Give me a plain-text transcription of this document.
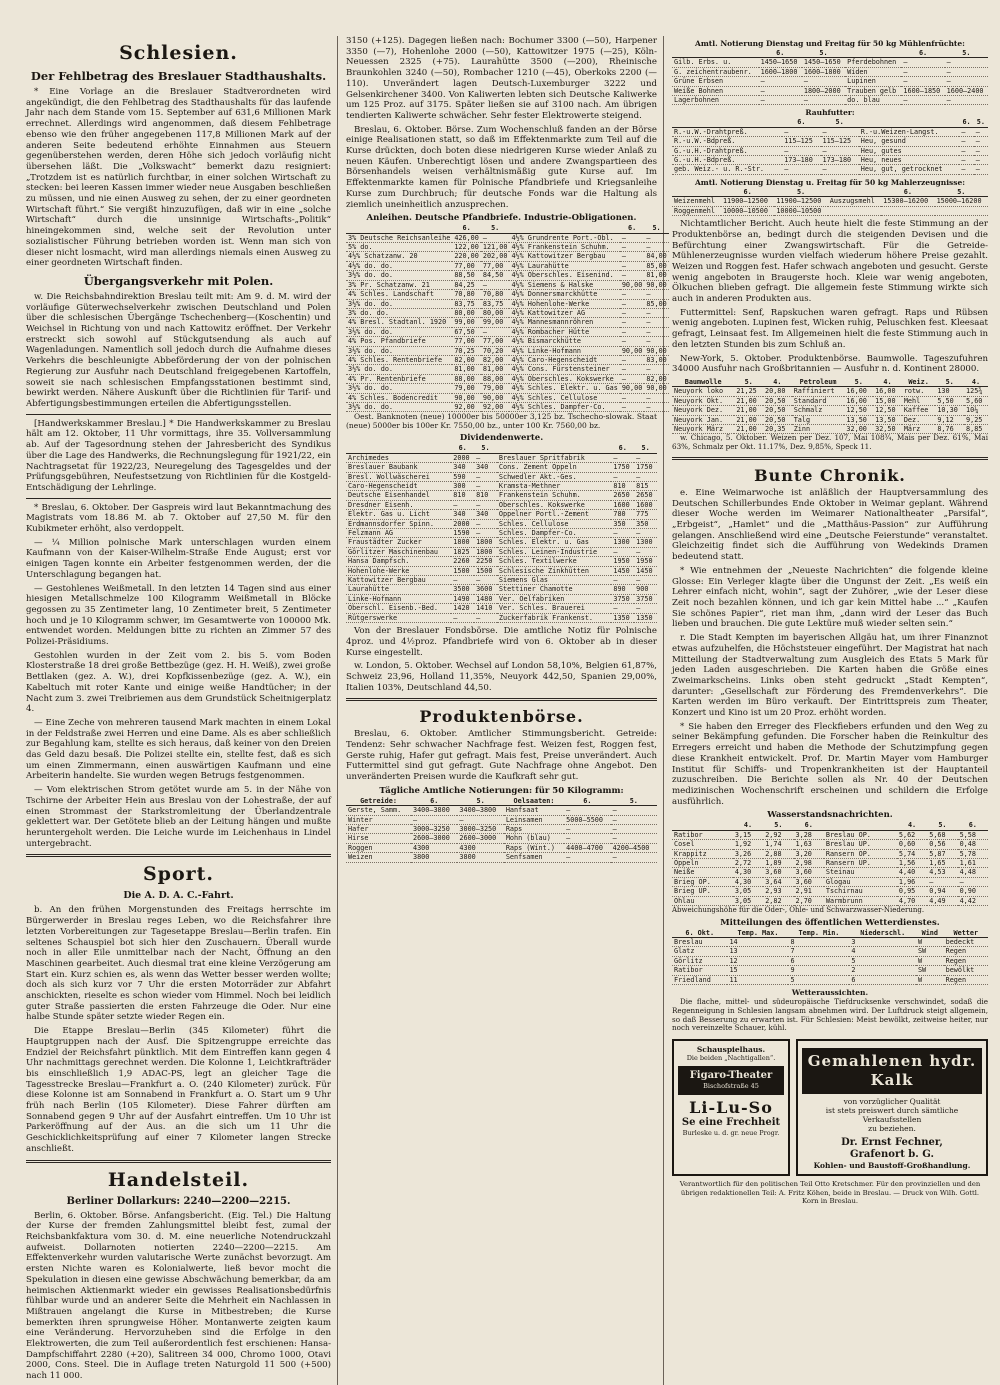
Schlesien.
Der Fehlbetrag des Breslauer Stadthaushalts.

* Eine Vorlage an die Breslauer Stadtverordneten wird angekündigt, die den Fehlbetrag des Stadthaushalts für das laufende Jahr nach dem Stande vom 15. September auf 631,6 Millionen Mark errechnet. Allerdings wird angenommen, daß diesem Fehlbetrage ebenso wie den früher angegebenen 117,8 Millionen Mark auf der anderen Seite bedeutend erhöhte Einnahmen aus Steuern gegenüberstehen werden, deren Höhe sich jedoch vorläufig nicht übersehen läßt. Die „Volkswacht“ bemerkt dazu resigniert: „Trotzdem ist es natürlich furchtbar, in einer solchen Wirtschaft zu stecken: bei leeren Kassen immer wieder neue Ausgaben beschließen zu müssen, und nie einen Ausweg zu sehen, der zu einer geordneten Wirtschaft führt.“ Sie vergißt hinzuzufügen, daß wir in eine „solche Wirtschaft“ durch die unsinnige Wirtschafts-„Politik“ hineingekommen sind, welche seit der Revolution unter sozialistischer Führung betrieben worden ist. Wenn man sich von dieser nicht losmacht, wird man allerdings niemals einen Ausweg zu einer geordneten Wirtschaft finden.

Übergangsverkehr mit Polen.

w. Die Reichsbahndirektion Breslau teilt mit: Am 9. d. M. wird der vorläufige Güterwechselverkehr zwischen Deutschland und Polen über die schlesischen Übergänge Tschechenberg—(Koschentin) und Weichsel in Richtung von und nach Kattowitz eröffnet. Der Verkehr erstreckt sich sowohl auf Stückgutsendung als auch auf Wagenladungen. Namentlich soll jedoch durch die Aufnahme dieses Verkehrs die beschleunigte Abbeförderung der von der polnischen Regierung zur Ausfuhr nach Deutschland freigegebenen Kartoffeln, soweit sie nach schlesischen Empfangsstationen bestimmt sind, bewirkt werden. Nähere Auskunft über die Richtlinien für Tarif- und Abfertigungsbestimmungen erteilen die Abfertigungsstellen.

[Handwerkskammer Breslau.] * Die Handwerkskammer zu Breslau hält am 12. Oktober, 11 Uhr vormittags, ihre 35. Vollversammlung ab. Auf der Tagesordnung stehen der Jahresbericht des Syndikus über die Lage des Handwerks, die Rechnungslegung für 1921/22, ein Nachtragsetat für 1922/23, Neuregelung des Tagesgeldes und der Prüfungsgebühren, Neufestsetzung von Richtlinien für die Kostgeld-Entschädigung der Lehrlinge.

* Breslau, 6. Oktober. Der Gaspreis wird laut Bekanntmachung des Magistrats vom 18.86 M. ab 7. Oktober auf 27,50 M. für den Kubikmeter erhöht, also verdoppelt.

— ¼ Million polnische Mark unterschlagen wurden einem Kaufmann von der Kaiser-Wilhelm-Straße Ende August; erst vor einigen Tagen konnte ein Arbeiter festgenommen werden, der die Unterschlagung begangen hat.

— Gestohlenes Weißmetall. In den letzten 14 Tagen sind aus einer hiesigen Metallschmelze 100 Kilogramm Weißmetall in Blöcke gegossen zu 35 Zentimeter lang, 10 Zentimeter breit, 5 Zentimeter hoch und je 10 Kilogramm schwer, im Gesamtwerte von 100000 Mk. entwendet worden. Meldungen bitte zu richten an Zimmer 57 des Polizei-Präsidiums.

Gestohlen wurden in der Zeit vom 2. bis 5. vom Boden Klosterstraße 18 drei große Bettbezüge (gez. H. H. Weiß), zwei große Bettlaken (gez. A. W.), drei Kopfkissenbezüge (gez. A. W.), ein Kabeltuch mit roter Kante und einige weiße Handtücher; in der Nacht zum 3. zwei Treibriemen aus dem Grundstück Scheitnigerplatz 4.

— Eine Zeche von mehreren tausend Mark machten in einem Lokal in der Feldstraße zwei Herren und eine Dame. Als es aber schließlich zur Begahlung kam, stellte es sich heraus, daß keiner von den Dreien das Geld dazu besaß. Die Polizei stellte ein, stellte fest, daß es sich um einen Zimmermann, einen auswärtigen Kaufmann und eine Arbeiterin handelte. Sie wurden wegen Betrugs festgenommen.

— Vom elektrischen Strom getötet wurde am 5. in der Nähe von Tschirne der Arbeiter Hein aus Breslau von der Lohestraße, der auf einen Strommast der Starkstromleitung der Überlandzentrale geklettert war. Der Getötete blieb an der Leitung hängen und mußte heruntergeholt werden. Die Leiche wurde im Leichenhaus in Lindel untergebracht.

Sport.
Die A. D. A. C.-Fahrt.

b. An den frühen Morgenstunden des Freitags herrschte im Bürgerwerder in Breslau reges Leben, wo die Reichsfahrer ihre letzten Vorbereitungen zur Tagesetappe Breslau—Berlin trafen. Ein seltenes Schauspiel bot sich hier den Zuschauern. Überall wurde noch in aller Eile unmittelbar nach der Nacht, Öffnung an den Maschinen gearbeitet. Auch diesmal trat eine kleine Verzögerung am Start ein. Kurz schien es, als wenn das Wetter besser werden wollte; doch als sich kurz vor 7 Uhr die ersten Motorräder zur Abfahrt anschickten, rieselte es schon wieder vom Himmel. Noch bei leidlich guter Straße passierten die ersten Fahrzeuge die Oder. Nur eine halbe Stunde später setzte wieder Regen ein.

Die Etappe Breslau—Berlin (345 Kilometer) führt die Hauptgruppen nach der Ausf. Die Spitzengruppe erreichte das Endziel der Reichsfahrt pünktlich. Mit dem Eintreffen kann gegen 4 Uhr nachmittags gerechnet werden. Die Kolonne 1, Leichtkrafträder bis einschließlich 1,9 ADAC-PS, legt an gleicher Tage die Tagesstrecke Breslau—Frankfurt a. O. (240 Kilometer) zurück. Für diese Kolonne ist am Sonnabend in Frankfurt a. O. Start um 9 Uhr früh nach Berlin (105 Kilometer). Diese Fahrer dürften am Sonnabend gegen 9 Uhr auf der Ausfahrt eintreffen. Um 10 Uhr ist Parkeröffnung auf der Aus. an die sich um 11 Uhr die Geschicklichkeitsprüfung auf einer 7 Kilometer langen Strecke anschließt.

Handelsteil.
Berliner Dollarkurs: 2240—2200—2215.

Berlin, 6. Oktober. Börse. Anfangsbericht. (Eig. Tel.) Die Haltung der Kurse der fremden Zahlungsmittel bleibt fest, zumal der Reichsbankfaktura vom 30. d. M. eine neuerliche Notendruckzahl aufweist. Dollarnoten notierten 2240—2200—2215. Am Effektenverkehr wurden valutarische Werte zunächst bevorzugt. Am ersten Nichte waren es Kolonialwerte, ließ bevor mocht die Spekulation in diesen eine gewisse Abschwächung bemerkbar, da am heimischen Aktienmarkt wieder ein gewisses Realisationsbedürfnis fühlbar wurde und an anderer Seite die Mehrheit ein Nachlassen in Mißtrauen angelangt die Kurse in Mitbestreben; die Kurse bemerkten ihren sprungweise Höher. Montanwerte zeigten kaum eine Veränderung. Hervorzuheben sind die Erfolge in den Elektrowerten, die zum Teil außerordentlich fest erschienen: Hansa-Dampfschiffahrt 2280 (+20), Salitreen 34 000, Chromo 1000, Otavi 2000, Cons. Steel. Die in Auflage treten Naturgold 11 500 (+500) nach 11 000.

3150 (+125). Dagegen ließen nach: Bochumer 3300 (—50), Harpener 3350 (—7), Hohenlohe 2000 (—50), Kattowitzer 1975 (—25), Köln-Neuessen 2325 (+75). Laurahütte 3500 (—200), Rheinische Braunkohlen 3240 (—50), Rombacher 1210 (—45), Oberkoks 2200 (—110). Unverändert lagen Deutsch-Luxemburger 3222 und Gelsenkirchener 3400. Von Kaliwerten lebten sich Deutsche Kaliwerke um 125 Proz. auf 3175. Später ließen sie auf 3100 nach. Am übrigen tendierten Kaliwerte schwächer. Sehr fester Elektrowerte steigend.

Breslau, 6. Oktober. Börse. Zum Wochenschluß fanden an der Börse einige Realisationen statt, so daß im Effektenmarkte zum Teil auf die Kurse drückten, doch boten diese niedrigeren Kurse wieder Anlaß zu neuen Käufen. Unberechtigt lösen und andere Zwangspartieen des Börsenhandels weisen verhältnismäßig gute Kurse auf. Im Effektenmarkte kamen für Polnische Pfandbriefe und Kriegsanleihe Kurse zum Durchbruch; für deutsche Fonds war die Haltung als ziemlich uneinheitlich anzusprechen.

Anleihen. Deutsche Pfandbriefe. Industrie-Obligationen.
	6.	5.		6.	5.
3% Deutsche Reichsanleihe	426,00	—	4½% Grundrente Port.-Obl.	—	—
5% do.	122,00	121,00	4½% Frankenstein Schuhm.	—	—
4½% Schatzanw. 20	220,00	202,00	4½% Kattowitzer Bergbau	—	84,00
4½% do. do.	77,00	77,00	4½% Laurahütte	—	85,00
3½% do. do.	88,50	84,50	4½% Oberschles. Eisenind.	—	81,00
3% Pr. Schatzanw. 21	84,25	—	4½% Siemens & Halske	90,00	90,00
4% Schles. Landschaft	70,80	70,80	4½% Donnersmarckhütte	—	—
3½% do. do.	83,75	83,75	4½% Hohenlohe-Werke	—	85,00
3% do. do.	80,00	80,00	4½% Kattowitzer AG	—	—
4% Bresl. Stadtanl. 1920	99,00	99,00	4½% Mannesmannröhren	—	—
3½% do. do.	67,50	—	4½% Rombacher Hütte	—	—
4% Pos. Pfandbriefe	77,00	77,00	4½% Bismarckhütte	—	—
3½% do. do.	70,25	70,20	4½% Linke-Hofmann	90,00	90,00
4% Schles. Rentenbriefe	82,00	82,00	4½% Caro-Hegenscheidt	—	83,00
3½% do. do.	81,00	81,00	4½% Cons. Fürstensteiner	—	—
4% Pr. Rentenbriefe	88,00	88,00	4½% Oberschles. Kokswerke	—	82,00
3½% do. do.	79,00	79,00	4½% Schles. Elektr. u. Gas	90,00	90,00
4% Schles. Bodencredit	90,00	90,00	4½% Schles. Cellulose	—	—
3½% do. do.	92,00	92,00	4½% Schles. Dampfer-Co.	—	—

Oest. Banknoten (neue) 10000er bis 50000er 3,125 bz. Tschecho-slowak. Staat (neue) 5000er bis 100er Kr. 7550,00 bz., unter 100 Kr. 7560,00 bz.

Dividendenwerte.
	6.	5.		6.	5.
Archimedes	2000	—	Breslauer Spritfabrik	—	—
Breslauer Baubank	340	340	Cons. Zement Oppeln	1750	1750
Bresl. Wollwäscherei	590	—	Schwedler Akt.-Ges.	—	—
Caro-Hegenscheidt	300	—	Kramsta-Methner	810	815
Deutsche Eisenhandel	810	810	Frankenstein Schuhm.	2650	2650
Dresdner Eisenh.	—	—	Oberschles. Kokswerke	1600	1600
Elektr. Gas u. Licht	340	340	Oppelner Portl.-Zement	780	775
Erdmannsdorfer Spinn.	2000	—	Schles. Cellulose	350	350
Felzmann AG	1590	—	Schles. Dampfer-Co.	—	—
Fraustädter Zucker	1800	1800	Schles. Elektr. u. Gas	1300	1300
Görlitzer Maschinenbau	1825	1800	Schles. Leinen-Industrie	—	—
Hansa Dampfsch.	2260	2250	Schles. Textilwerke	1950	1950
Hohenlohe-Werke	1500	1500	Schlesische Zinkhütten	1450	1450
Kattowitzer Bergbau	—	—	Siemens Glas	—	—
Laurahütte	3500	3600	Stettiner Chamotte	890	900
Linke-Hofmann	1490	1480	Ver. Oelfabriken	3750	3750
Oberschl. Eisenb.-Bed.	1420	1410	Ver. Schles. Brauerei	—	—
Rütgerswerke	—	—	Zuckerfabrik Frankenst.	1350	1350

Von der Breslauer Fondsbörse. Die amtliche Notiz für Polnische 4proz. und 4½proz. Pfandbriefe wird von 6. Oktober ab in dieser Kurse eingestellt.

w. London, 5. Oktober. Wechsel auf London 58,10%, Belgien 61,87%, Schweiz 23,96, Holland 11,35%, Neuyork 442,50, Spanien 29,00%, Italien 103%, Deutschland 44,50.

Produktenbörse.

Breslau, 6. Oktober. Amtlicher Stimmungsbericht. Getreide: Tendenz: Sehr schwacher Nachfrage fest. Weizen fest, Roggen fest, Gerste ruhig, Hafer gut gefragt. Mais fest, Preise unverändert. Auch Futtermittel sind gut gefragt. Gute Nachfrage ohne Angebot. Den unveränderten Preisen wurde die Kaufkraft sehr gut.

Tägliche Amtliche Notierungen: für 50 Kilogramm:
Getreide:	6.	5.	Oelsaaten:	6.	5.
Gerste, Samm.	3400—3800	3400—3800	Hanfsaat	—	—
Winter	—	—	Leinsamen	5000—5500	—
Hafer	3000—3250	3000—3250	Raps	—	—
Hirse	2600—3000	2600—3000	Mohn (blau)	—	—
Roggen	4300	4300	Raps (Wint.)	4400—4700	4200—4500
Weizen	3800	3800	Senfsamen	—	—
Amtl. Notierung Dienstag und Freitag für 50 kg Mühlenfrüchte:
	6.	5.		6.	5.
Gilb. Erbs. u.	1450—1650	1450—1650	Pferdebohnen	—	—
G. zeichentraubenr.	1600—1800	1600—1800	Widen	—	—
Grüne Erbsen	—	—	Lupinen	—	—
Weiße Bohnen	—	1800—2000	Trauben gelb	1600—1850	1600—2400
Lagerbohnen	—	—	do. blau	—	—
Rauhfutter:
	6.	5.		6.	5.
R.-u.W.-Drahtpreß.	—	—	R.-u.Weizen-Langst.	—	—
R.-u.W.-Bdpreß.	115—125	115—125	Heu, gesund	—	—
G.-u.H.-Drahtpreß.	—	—	Heu, gutes	—	—
G.-u.H.-Bdpreß.	173—180	173—180	Heu, neues	—	—
geb. Weiz.- u. R.-Str.	—	—	Heu, gut, getrocknet	—	—
Amtl. Notierung Dienstag u. Freitag für 50 kg Mahlerzeugnisse:
	6.	5.		6.	5.
Weizenmehl	11900—12500	11900—12500	Auszugsmehl	15300—16200	15000—16200
Roggenmehl	10000—10500	10000—10500			

Nichtamtlicher Bericht. Auch heute hielt die feste Stimmung an der Produktenbörse an, bedingt durch die steigenden Devisen und die Befürchtung einer Zwangswirtschaft. Für die Getreide-Mühlenerzeugnisse wurden vielfach wiederum höhere Preise gezahlt. Weizen und Roggen fest. Hafer schwach angeboten und gesucht. Gerste wenig angeboten in Braugerste hoch. Kleie war wenig angeboten, Ölkuchen blieben gefragt. Die allgemein feste Stimmung wirkte sich auch in anderen Produkten aus.

Futtermittel: Senf, Rapskuchen waren gefragt. Raps und Rübsen wenig angeboten. Lupinen fest, Wicken ruhig, Peluschken fest. Kleesaat gefragt, Leinsaat fest. Im Allgemeinen hielt die feste Stimmung auch in den letzten Stunden bis zum Schluß an.

New-York, 5. Oktober. Produktenbörse. Baumwolle. Tageszufuhren 34000 Ausfuhr nach Großbritannien — Ausfuhr n. d. Kontinent 28000.

Baumwolle	5.	4.	Petroleum	5.	4.	Weiz.	5.	4.
Neuyork loko	21,25	20,80	Raffiniert	16,00	16,00	rotw.	130	125¾
Neuyork Okt.	21,00	20,50	Standard	16,00	15,00	Mehl	5,50	5,60
Neuyork Dez.	21,00	20,50	Schmalz	12,50	12,50	Kaffee	10,30	10¼
Neuyork Jan.	21,00	20,50	Talg	13,50	13,50	Dez.	9,12	9,25
Neuyork März	21,00	20,35	Zinn	32,00	32,50	März	8,76	8,85

w. Chicago, 5. Oktober. Weizen per Dez. 107, Mai 108¾, Mais per Dez. 61%, Mai 63%, Schmalz per Okt. 11.17%, Dez. 9,85%, Speck 11.

Bunte Chronik.

e. Eine Weimarwoche ist anläßlich der Hauptversammlung des Deutschen Schillerbundes Ende Oktober in Weimar geplant. Während dieser Woche werden im Weimarer Nationaltheater „Parsifal“, „Erbgeist“, „Hamlet“ und die „Matthäus-Passion“ zur Aufführung gelangen. Anschließend wird eine „Deutsche Feierstunde“ veranstaltet. Gleichzeitig findet sich die Aufführung von Wedekinds Dramen bedeutend statt.

* Wie entnehmen der „Neueste Nachrichten“ die folgende kleine Glosse: Ein Verleger klagte über die Ungunst der Zeit. „Es weiß ein Lehrer einfach nicht, wohin“, sagt der Zuhörer, „wie der Leser diese Zeit noch bezahlen können, und ich gar kein Mittel habe ...“ „Kaufen Sie schönes Papier“, riet man ihm, „dann wird der Leser das Buch lieben und brauchen. Die gute Lektüre muß wieder selten sein.“

r. Die Stadt Kempten im bayerischen Allgäu hat, um ihrer Finanznot etwas aufzuhelfen, die Höchststeuer eingeführt. Der Magistrat hat nach Mitteilung der Stadtverwaltung zum Ausgleich des Etats 5 Mark für jeden Laden ausgeschrieben. Die Karten haben die Größe eines Zweimarkscheins. Links oben steht gedruckt „Stadt Kempten“, darunter: „Gesellschaft zur Förderung des Fremdenverkehrs“. Die Karten werden im Büro verkauft. Der Eintrittspreis zum Theater, Konzert und Kino ist um 20 Proz. erhöht worden.

* Sie haben den Erreger des Fleckfiebers erfunden und den Weg zu seiner Bekämpfung gefunden. Die Forscher haben die Reinkultur des Erregers erreicht und haben die Methode der Schutzimpfung gegen diese Krankheit entwickelt. Prof. Dr. Martin Mayer vom Hamburger Institut für Schiffs- und Tropenkrankheiten ist der Hauptanteil zuzuschreiben. Die Berichte sollen als Nr. 40 der Deutschen medizinischen Wochenschrift erscheinen und schildern die Erfolge ausführlich.

Wasserstandsnachrichten.
	4.	5.	6.		4.	5.	6.
Ratibor	3,15	2,92	3,28	Breslau OP.	5,62	5,68	5,58
Cosel	1,92	1,74	1,63	Breslau UP.	0,60	0,56	0,48
Krappitz	3,26	2,88	3,20	Ransern OP.	5,74	5,87	5,78
Oppeln	2,72	1,89	2,98	Ransern UP.	1,56	1,65	1,61
Neiße	4,30	3,60	3,60	Steinau	4,40	4,53	4,48
Brieg OP.	4,30	3,64	3,60	Glogau	1,96	—	—
Brieg UP.	3,05	2,93	2,91	Tschirnau	0,95	0,94	0,90
Ohlau	3,05	2,82	2,70	Warmbrunn	4,70	4,49	4,42

Abweichungshöhe für die Oder-, Ohle- und Schwarzwasser-Niederung.

Mitteilungen des öffentlichen Wetterdienstes.
6. Okt.	Temp. Max.	Temp. Min.	Niederschl.	Wind	Wetter
Breslau	14	8	3	W	bedeckt
Glatz	13	7	4	SW	Regen
Görlitz	12	6	5	W	Regen
Ratibor	15	9	2	SW	bewölkt
Friedland	11	5	6	W	Regen
Wetteraussichten.

Die flache, mittel- und südeuropäische Tiefdrucksenke verschwindet, sodaß die Regenneigung in Schlesien langsam abnehmen wird. Der Luftdruck steigt allgemein, so daß Besserung zu erwarten ist. Für Schlesien: Meist bewölkt, zeitweise heiter, nur noch vereinzelte Schauer, kühl.

Schauspielhaus.
Die beiden „Nachtigallen“.
Figaro-Theater
Bischofstraße 45
Li-Lu-So
Se eine Frechheit
Burleske u. d. gr. neue Progr.
Gemahlenen hydr. Kalk
von vorzüglicher Qualität
ist stets preiswert durch sämtliche Verkaufsstellen
zu beziehen.
Dr. Ernst Fechner,
Grafenort b. G.
Kohlen- und Baustoff-Großhandlung.
Verantwortlich für den politischen Teil Otto Kretschmer. Für den provinziellen und den übrigen redaktionellen Teil: A. Fritz Köhen, beide in Breslau. — Druck von Wilh. Gottl. Korn in Breslau.
